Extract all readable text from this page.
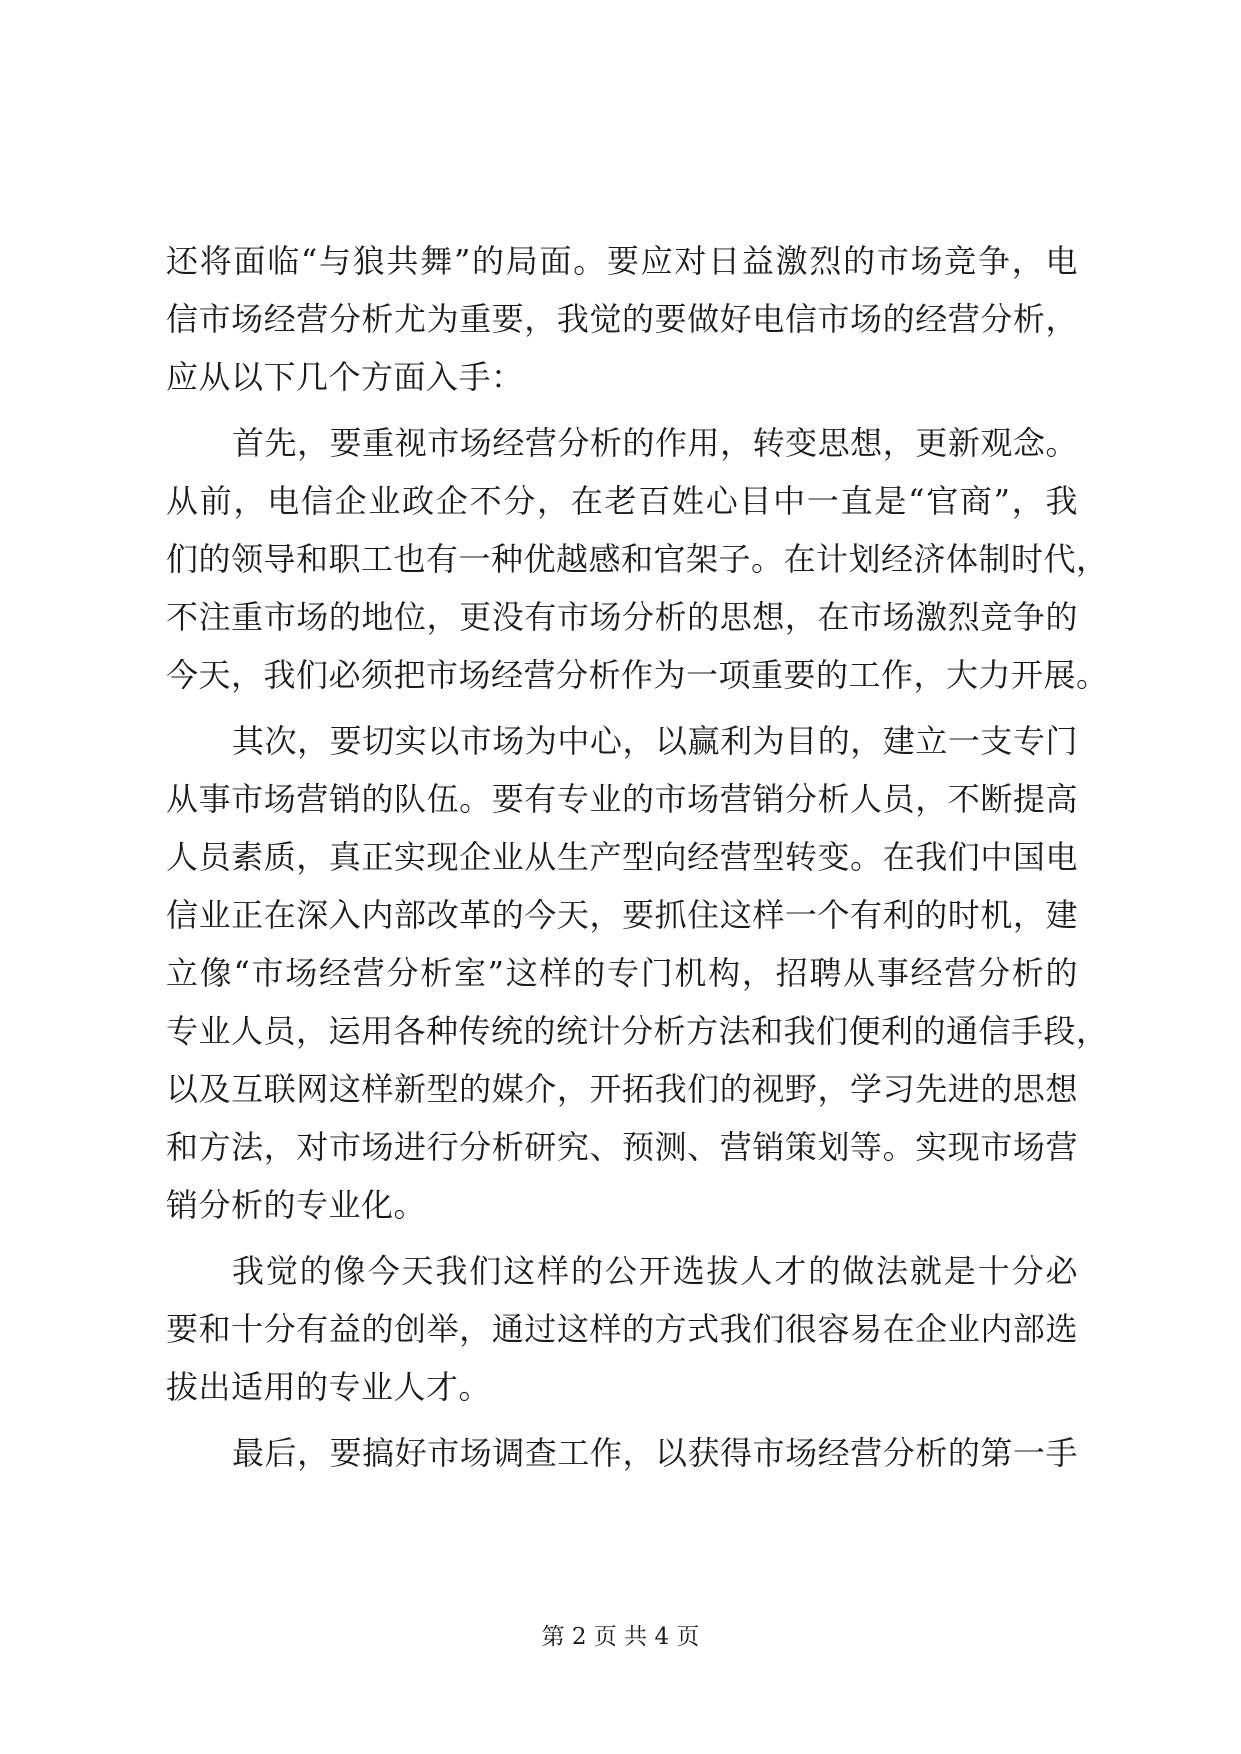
还将面临“与狼共舞”的局面。要应对日益激烈的市场竞争，电
信市场经营分析尤为重要，我觉的要做好电信市场的经营分析，
应从以下几个方面入手：
首先，要重视市场经营分析的作用，转变思想，更新观念。
从前，电信企业政企不分，在老百姓心目中一直是“官商”，我
们的领导和职工也有一种优越感和官架子。在计划经济体制时代，
不注重市场的地位，更没有市场分析的思想，在市场激烈竞争的
今天，我们必须把市场经营分析作为一项重要的工作，大力开展。
其次，要切实以市场为中心，以赢利为目的，建立一支专门
从事市场营销的队伍。要有专业的市场营销分析人员，不断提高
人员素质，真正实现企业从生产型向经营型转变。在我们中国电
信业正在深入内部改革的今天，要抓住这样一个有利的时机，建
立像“市场经营分析室”这样的专门机构，招聘从事经营分析的
专业人员，运用各种传统的统计分析方法和我们便利的通信手段，
以及互联网这样新型的媒介，开拓我们的视野，学习先进的思想
和方法，对市场进行分析研究、预测、营销策划等。实现市场营
销分析的专业化。
我觉的像今天我们这样的公开选拔人才的做法就是十分必
要和十分有益的创举，通过这样的方式我们很容易在企业内部选
拔出适用的专业人才。
最后，要搞好市场调查工作，以获得市场经营分析的第一手
第 2 页 共 4 页
